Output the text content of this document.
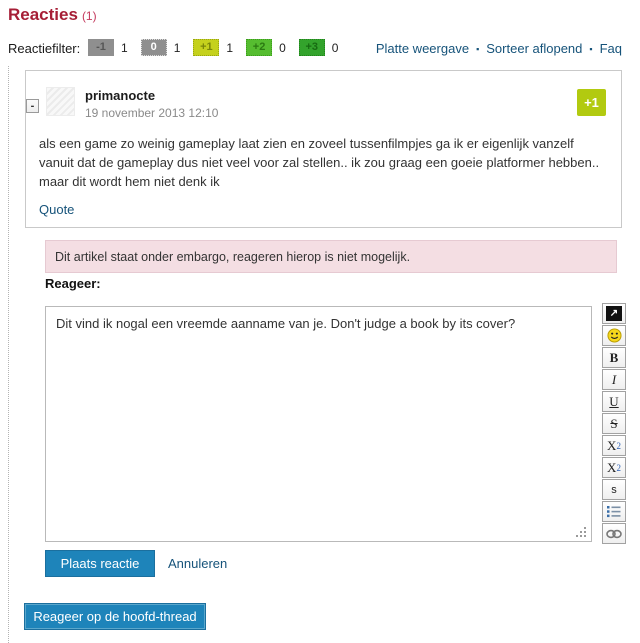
Reacties (1)
Reactiefilter:	-1	1	0	1	+1	1	+2	0	+3	0	Platte weergave ▪ Sorteer aflopend ▪ Faq
-
primanocte
19 november 2013 12:10
+1
als een game zo weinig gameplay laat zien en zoveel tussenfilmpjes ga ik er eigenlijk vanzelf vanuit dat de gameplay dus niet veel voor zal stellen.. ik zou graag een goeie platformer hebben.. maar dit wordt hem niet denk ik
Quote
Dit artikel staat onder embargo, reageren hierop is niet mogelijk.
Reageer:
Dit vind ik nogal een vreemde aanname van je. Don't judge a book by its cover?
↗
B
I
U
S
X 2
X 2
s
Plaats reactie	Annuleren
Reageer op de hoofd-thread
